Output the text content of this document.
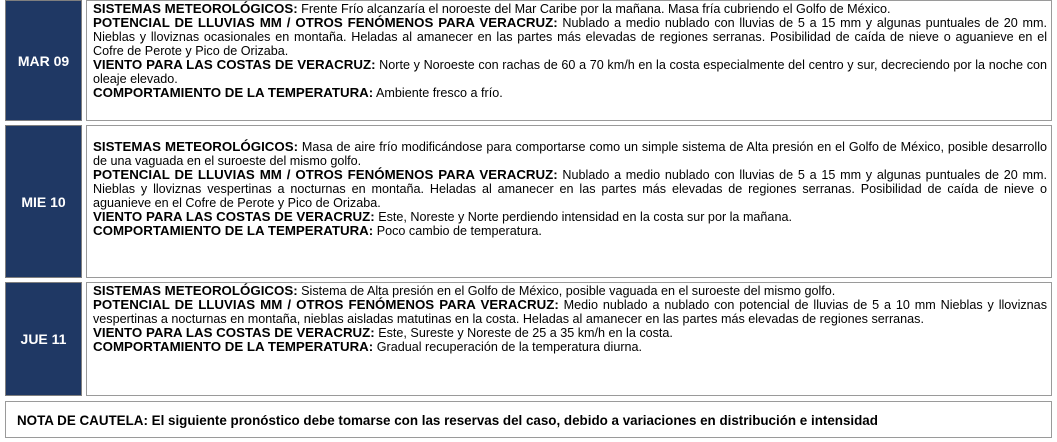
MAR 09

SISTEMAS METEOROLÓGICOS: Frente Frío alcanzaría el noroeste del Mar Caribe por la mañana. Masa fría cubriendo el Golfo de México.

POTENCIAL DE LLUVIAS MM / OTROS FENÓMENOS PARA VERACRUZ: Nublado a medio nublado con lluvias de 5 a 15 mm y algunas puntuales de 20 mm. Nieblas y lloviznas ocasionales en montaña. Heladas al amanecer en las partes más elevadas de regiones serranas. Posibilidad de caída de nieve o aguanieve en el Cofre de Perote y Pico de Orizaba.

VIENTO PARA LAS COSTAS DE VERACRUZ: Norte y Noroeste con rachas de 60 a 70 km/h en la costa especialmente del centro y sur, decreciendo por la noche con oleaje elevado.

COMPORTAMIENTO DE LA TEMPERATURA: Ambiente fresco a frío.

MIE 10

SISTEMAS METEOROLÓGICOS: Masa de aire frío modificándose para comportarse como un simple sistema de Alta presión en el Golfo de México, posible desarrollo de una vaguada en el suroeste del mismo golfo.

POTENCIAL DE LLUVIAS MM / OTROS FENÓMENOS PARA VERACRUZ: Nublado a medio nublado con lluvias de 5 a 15 mm y algunas puntuales de 20 mm. Nieblas y lloviznas vespertinas a nocturnas en montaña. Heladas al amanecer en las partes más elevadas de regiones serranas. Posibilidad de caída de nieve o aguanieve en el Cofre de Perote y Pico de Orizaba.

VIENTO PARA LAS COSTAS DE VERACRUZ: Este, Noreste y Norte perdiendo intensidad en la costa sur por la mañana.

COMPORTAMIENTO DE LA TEMPERATURA: Poco cambio de temperatura.

JUE 11

SISTEMAS METEOROLÓGICOS: Sistema de Alta presión en el Golfo de México, posible vaguada en el suroeste del mismo golfo.

POTENCIAL DE LLUVIAS MM / OTROS FENÓMENOS PARA VERACRUZ: Medio nublado a nublado con potencial de lluvias de 5 a 10 mm Nieblas y lloviznas vespertinas a nocturnas en montaña, nieblas aisladas matutinas en la costa. Heladas al amanecer en las partes más elevadas de regiones serranas.

VIENTO PARA LAS COSTAS DE VERACRUZ: Este, Sureste y Noreste de 25 a 35 km/h en la costa.

COMPORTAMIENTO DE LA TEMPERATURA: Gradual recuperación de la temperatura diurna.

NOTA DE CAUTELA: El siguiente pronóstico debe tomarse con las reservas del caso, debido a variaciones en distribución e intensidad
